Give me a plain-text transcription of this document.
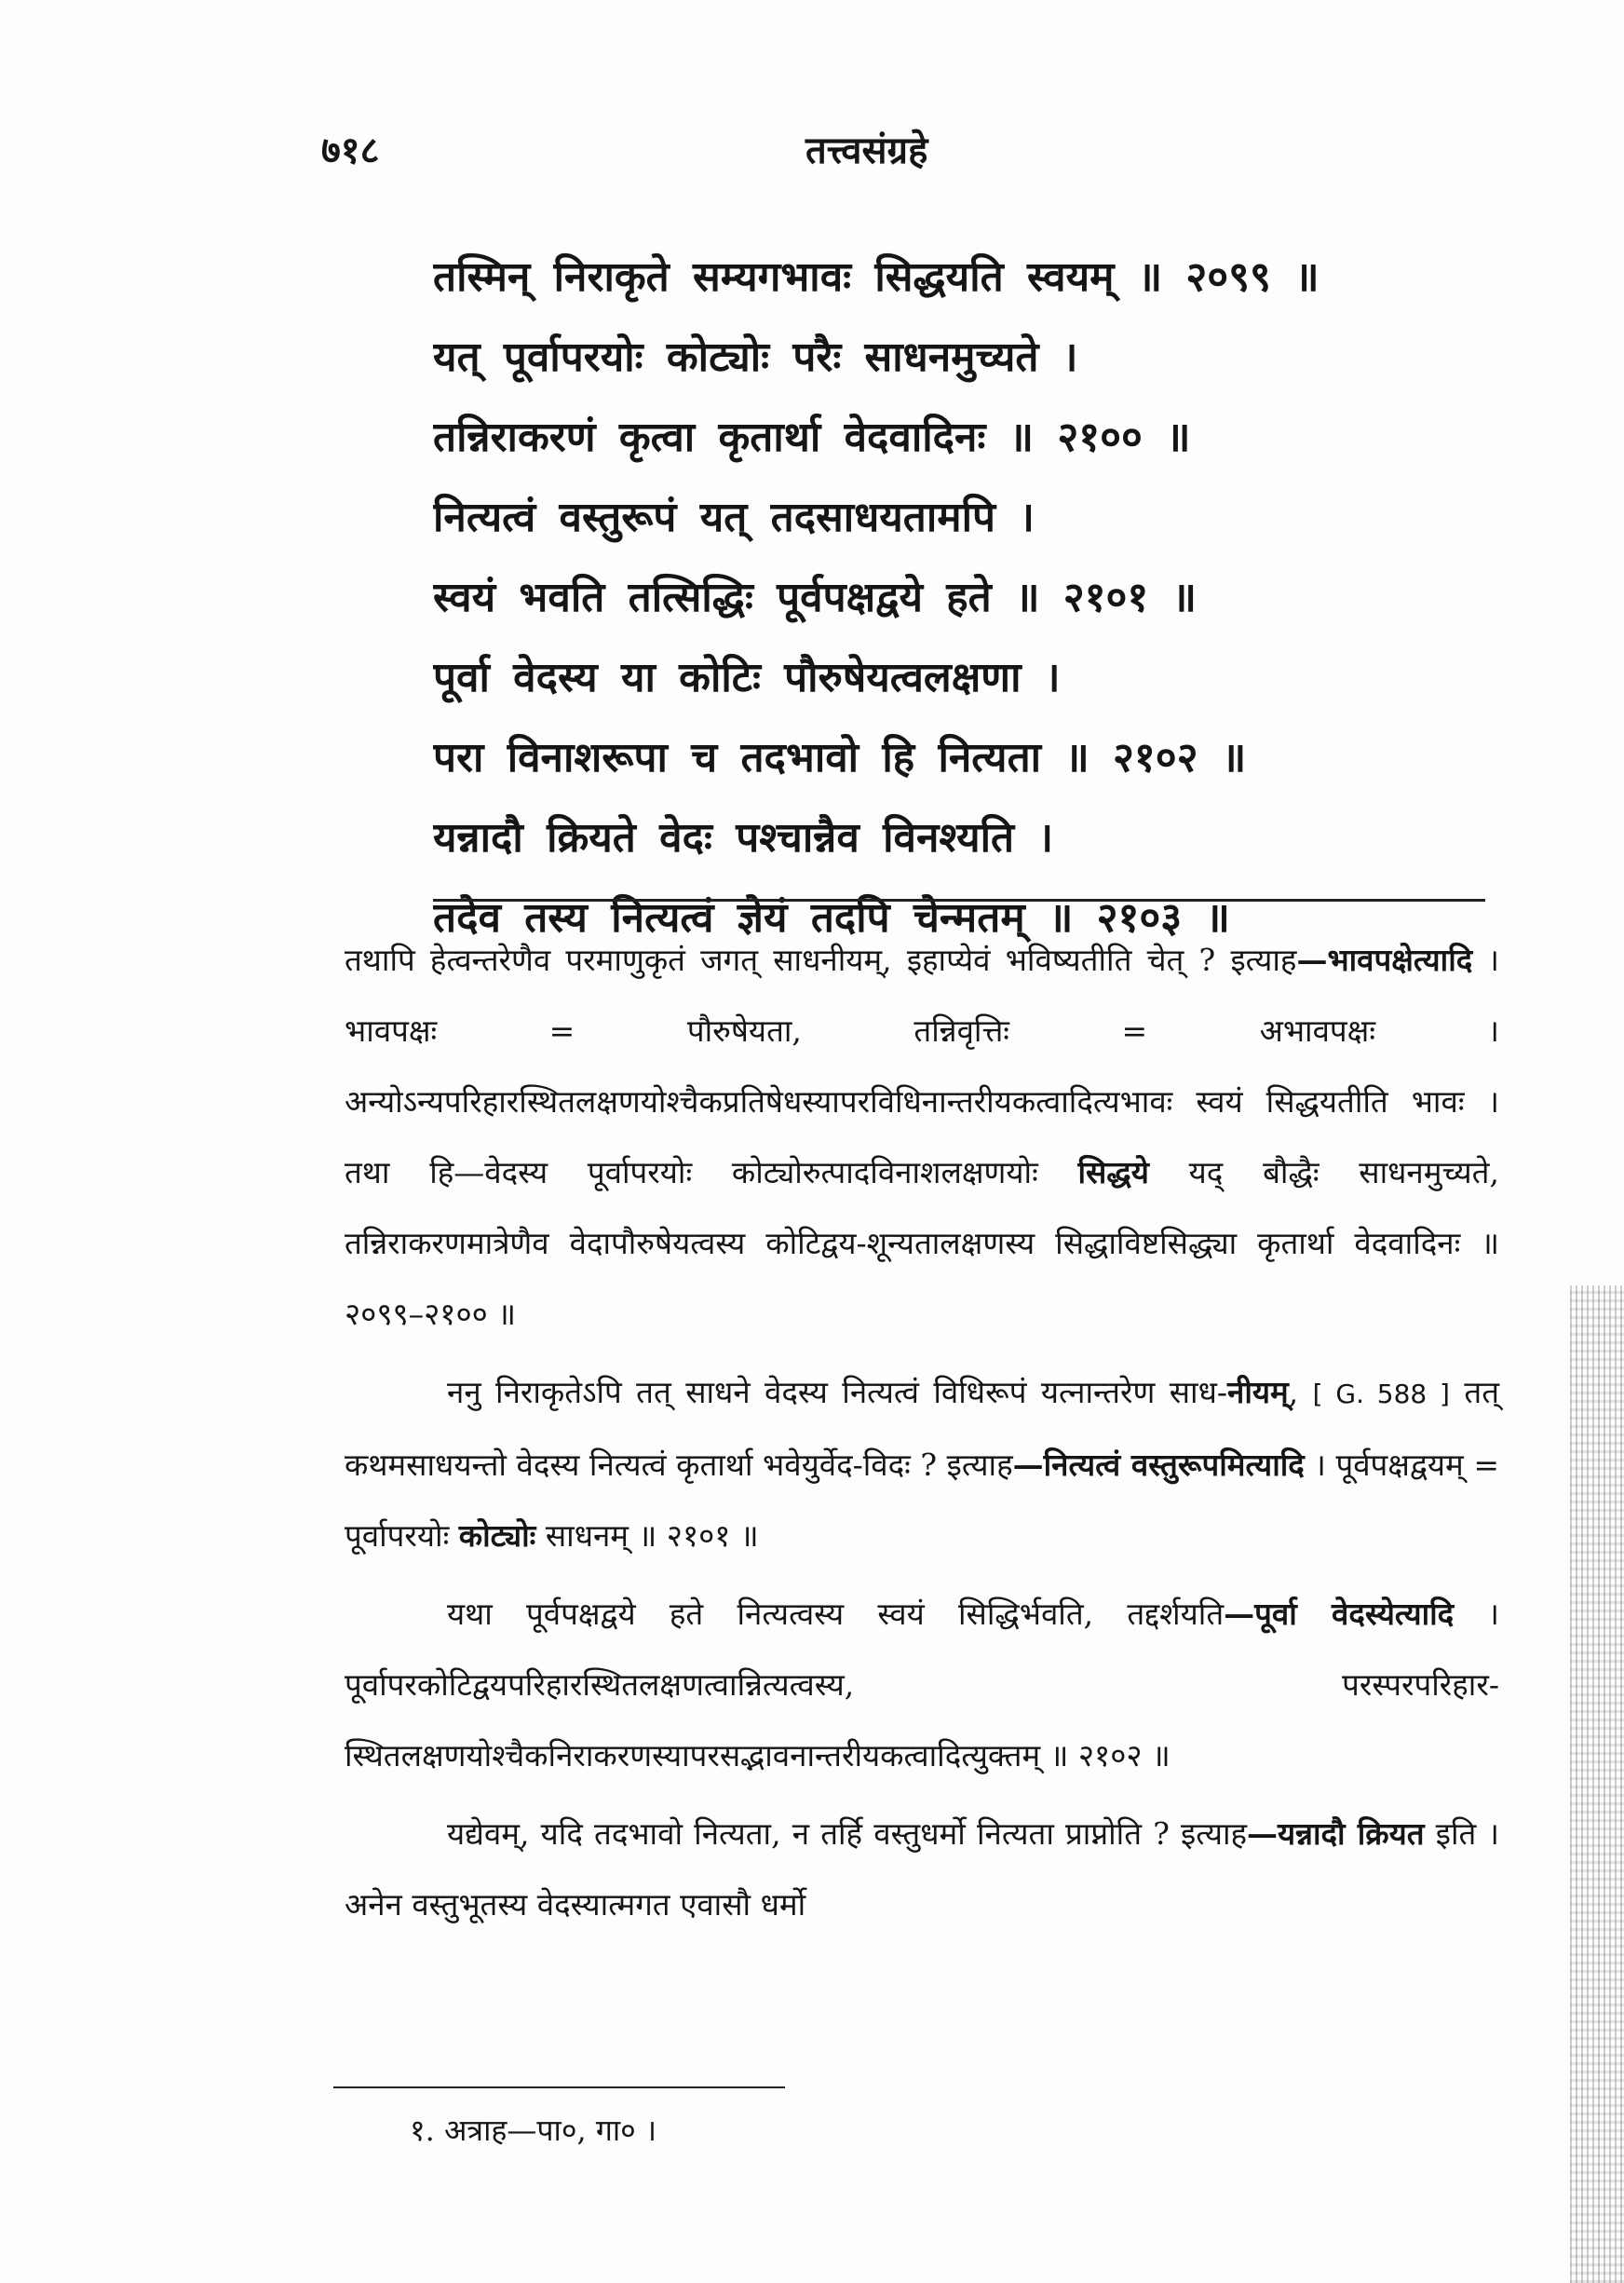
७१८	तत्त्वसंग्रहे
तस्मिन् निराकृते सम्यगभावः सिद्धयति स्वयम् ॥ २०९९ ॥
यत् पूर्वापरयोः कोट्योः परैः साधनमुच्यते ।
तन्निराकरणं कृत्वा कृतार्था वेदवादिनः ॥ २१०० ॥
नित्यत्वं वस्तुरूपं यत् तदसाधयतामपि ।
स्वयं भवति तत्सिद्धिः पूर्वपक्षद्वये हते ॥ २१०१ ॥
पूर्वा वेदस्य या कोटिः पौरुषेयत्वलक्षणा ।
परा विनाशरूपा च तदभावो हि नित्यता ॥ २१०२ ॥
यन्नादौ क्रियते वेदः पश्चान्नैव विनश्यति ।
तदेव तस्य नित्यत्वं ज्ञेयं तदपि चेन्मतम् ॥ २१०३ ॥

तथापि हेत्वन्तरेणैव परमाणुकृतं जगत् साधनीयम्, इहाप्येवं भविष्यतीति चेत् ? इत्याह—भावपक्षेत्यादि । भावपक्षः = पौरुषेयता, तन्निवृत्तिः = अभावपक्षः । अन्योऽन्यपरिहारस्थितलक्षणयोश्चैकप्रतिषेधस्यापरविधिनान्तरीयकत्वादित्यभावः स्वयं सिद्धयतीति भावः । तथा हि—वेदस्य पूर्वापरयोः कोट्योरुत्पादविनाशलक्षणयोः सिद्धये यद् बौद्धैः साधनमुच्यते, तन्निराकरणमात्रेणैव वेदापौरुषेयत्वस्य कोटिद्वय-शून्यतालक्षणस्य सिद्धाविष्टसिद्ध्या कृतार्था वेदवादिनः ॥ २०९९–२१०० ॥

ननु निराकृतेऽपि तत् साधने वेदस्य नित्यत्वं विधिरूपं यत्नान्तरेण साध-नीयम्, [ G. 588 ] तत् कथमसाधयन्तो वेदस्य नित्यत्वं कृतार्था भवेयुर्वेद-विदः ? इत्याह—नित्यत्वं वस्तुरूपमित्यादि । पूर्वपक्षद्वयम् = पूर्वापरयोः कोट्योः साधनम् ॥ २१०१ ॥

यथा पूर्वपक्षद्वये हते नित्यत्वस्य स्वयं सिद्धिर्भवति, तद्दर्शयति—पूर्वा वेदस्येत्यादि । पूर्वापरकोटिद्वयपरिहारस्थितलक्षणत्वान्नित्यत्वस्य, परस्परपरिहार-स्थितलक्षणयोश्चैकनिराकरणस्यापरसद्भावनान्तरीयकत्वादित्युक्तम् ॥ २१०२ ॥

यद्येवम्, यदि तदभावो नित्यता, न तर्हि वस्तुधर्मो नित्यता प्राप्नोति ? इत्याह—यन्नादौ क्रियत इति । अनेन वस्तुभूतस्य वेदस्यात्मगत एवासौ धर्मो

१. अत्राह—पा०, गा० ।
